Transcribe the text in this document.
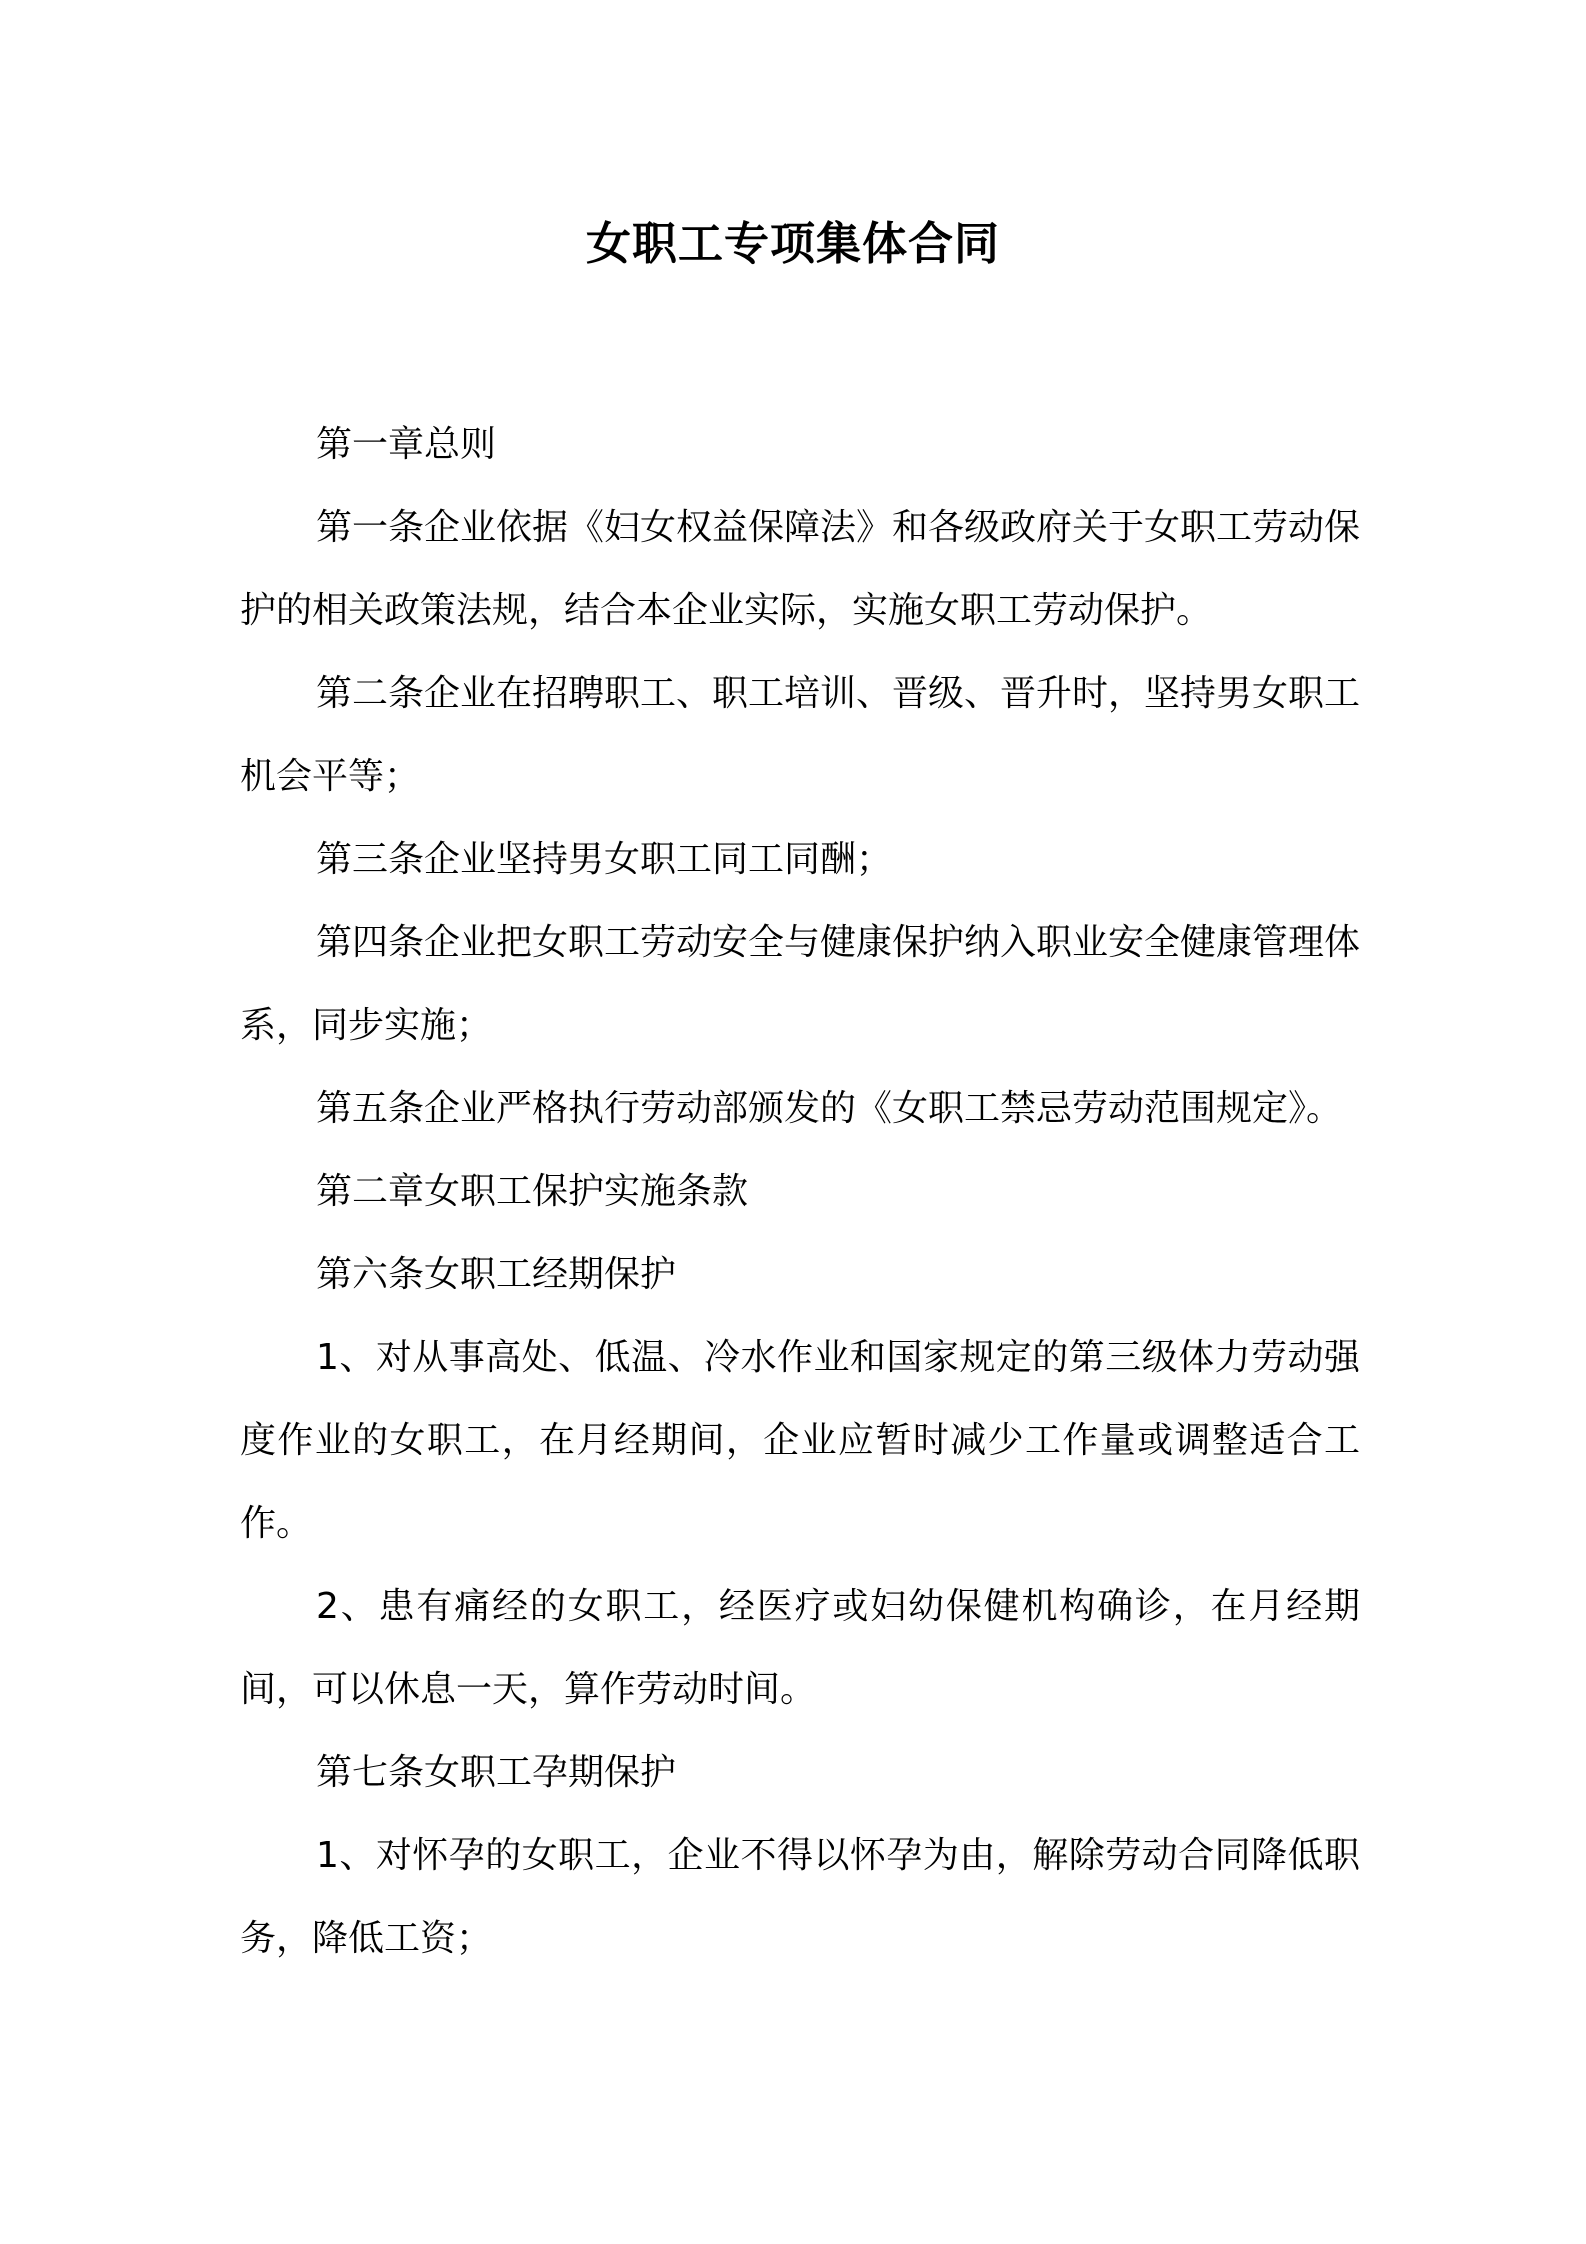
女职工专项集体合同

第一章总则

第一条企业依据《妇女权益保障法》和各级政府关于女职工劳动保护的相关政策法规，结合本企业实际，实施女职工劳动保护。

第二条企业在招聘职工、职工培训、晋级、晋升时，坚持男女职工机会平等；

第三条企业坚持男女职工同工同酬；

第四条企业把女职工劳动安全与健康保护纳入职业安全健康管理体系，同步实施；

第五条企业严格执行劳动部颁发的《女职工禁忌劳动范围规定》。

第二章女职工保护实施条款

第六条女职工经期保护

1、对从事高处、低温、冷水作业和国家规定的第三级体力劳动强度作业的女职工，在月经期间，企业应暂时减少工作量或调整适合工作。

2、患有痛经的女职工，经医疗或妇幼保健机构确诊，在月经期间，可以休息一天，算作劳动时间。

第七条女职工孕期保护

1、对怀孕的女职工，企业不得以怀孕为由，解除劳动合同降低职务，降低工资；
